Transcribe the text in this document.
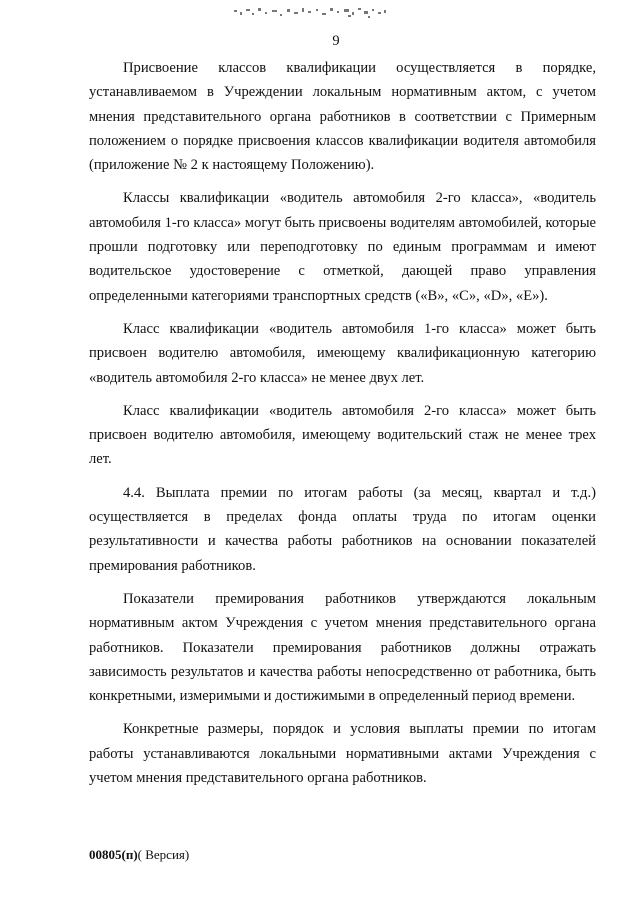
9

Присвоение классов квалификации осуществляется в порядке, устанавливаемом в Учреждении локальным нормативным актом, с учетом мнения представительного органа работников в соответствии с Примерным положением о порядке присвоения классов квалификации водителя автомобиля (приложение № 2 к настоящему Положению).

Классы квалификации «водитель автомобиля 2-го класса», «водитель автомобиля 1-го класса» могут быть присвоены водителям автомобилей, которые прошли подготовку или переподготовку по единым программам и имеют водительское удостоверение с отметкой, дающей право управления определенными категориями транспортных средств («B», «C», «D», «E»).

Класс квалификации «водитель автомобиля 1-го класса» может быть присвоен водителю автомобиля, имеющему квалификационную категорию «водитель автомобиля 2-го класса» не менее двух лет.

Класс квалификации «водитель автомобиля 2-го класса» может быть присвоен водителю автомобиля, имеющему водительский стаж не менее трех лет.

4.4. Выплата премии по итогам работы (за месяц, квартал и т.д.) осуществляется в пределах фонда оплаты труда по итогам оценки результативности и качества работы работников на основании показателей премирования работников.

Показатели премирования работников утверждаются локальным нормативным актом Учреждения с учетом мнения представительного органа работников. Показатели премирования работников должны отражать зависимость результатов и качества работы непосредственно от работника, быть конкретными, измеримыми и достижимыми в определенный период времени.

Конкретные размеры, порядок и условия выплаты премии по итогам работы устанавливаются локальными нормативными актами Учреждения с учетом мнения представительного органа работников.

00805(п)( Версия)
